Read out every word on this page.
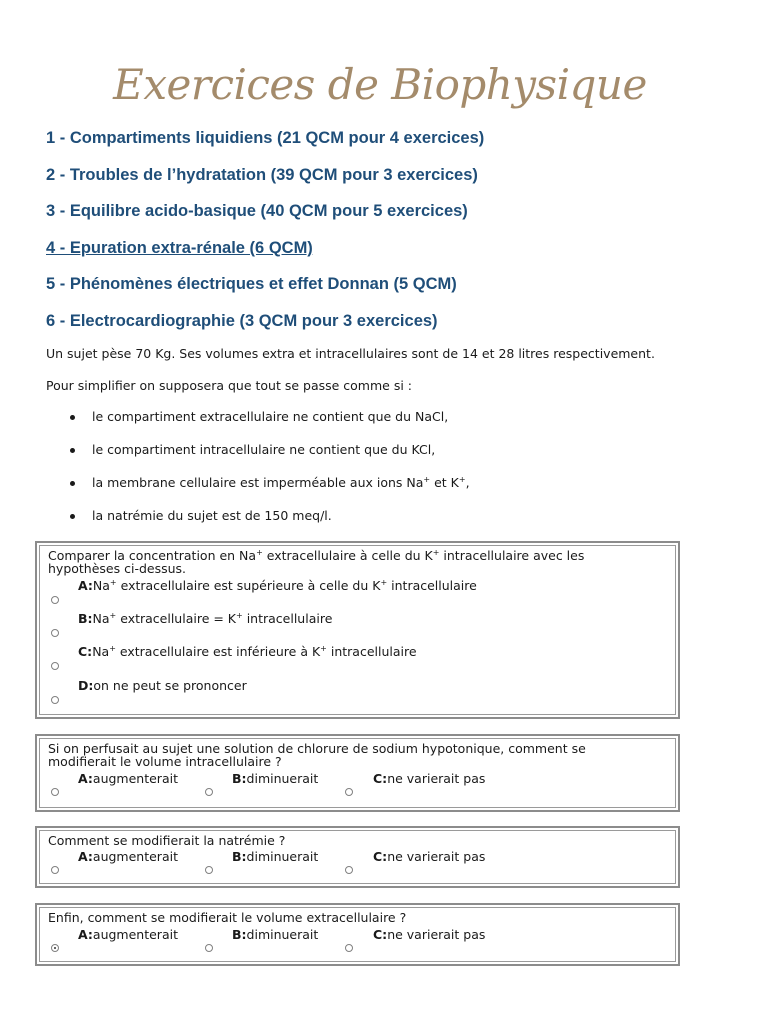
Exercices de Biophysique
1 - Compartiments liquidiens (21 QCM pour 4 exercices)
2 - Troubles de l’hydratation (39 QCM pour 3 exercices)
3 - Equilibre acido-basique (40 QCM pour 5 exercices)
4 - Epuration extra-rénale (6 QCM)
5 - Phénomènes électriques et effet Donnan (5 QCM)
6 - Electrocardiographie (3 QCM pour 3 exercices)
Un sujet pèse 70 Kg. Ses volumes extra et intracellulaires sont de 14 et 28 litres respectivement.
Pour simplifier on supposera que tout se passe comme si :
le compartiment extracellulaire ne contient que du NaCl,
le compartiment intracellulaire ne contient que du KCl,
la membrane cellulaire est imperméable aux ions Na+ et K+,
la natrémie du sujet est de 150 meq/l.
Comparer la concentration en Na+ extracellulaire à celle du K+ intracellulaire avec les hypothèses ci-dessus.
A:Na+ extracellulaire est supérieure à celle du K+ intracellulaire
B:Na+ extracellulaire = K+ intracellulaire
C:Na+ extracellulaire est inférieure à K+ intracellulaire
D:on ne peut se prononcer
Si on perfusait au sujet une solution de chlorure de sodium hypotonique, comment se modifierait le volume intracellulaire ?
A:augmenterait	B:diminuerait	C:ne varierait pas
Comment se modifierait la natrémie ?
A:augmenterait	B:diminuerait	C:ne varierait pas
Enfin, comment se modifierait le volume extracellulaire ?
A:augmenterait	B:diminuerait	C:ne varierait pas
